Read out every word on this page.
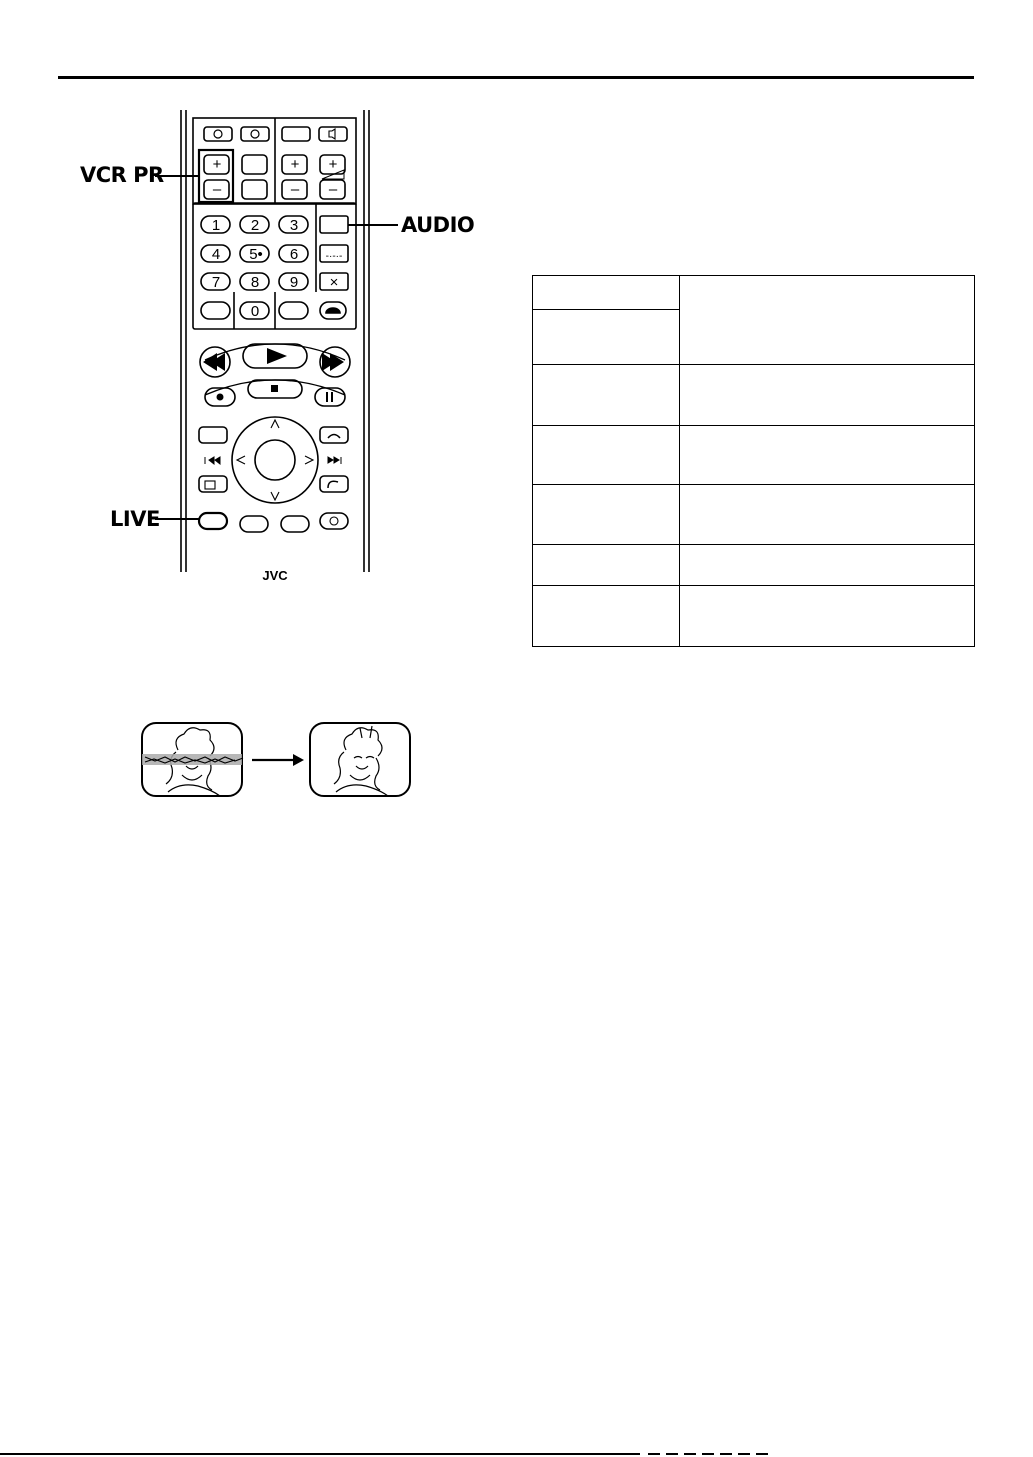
+
–
+
–
+
–
1 2 3
4 5• 6
7 8 9
0
-·-·-
×
JVC
VCR PR
AUDIO
LIVE
